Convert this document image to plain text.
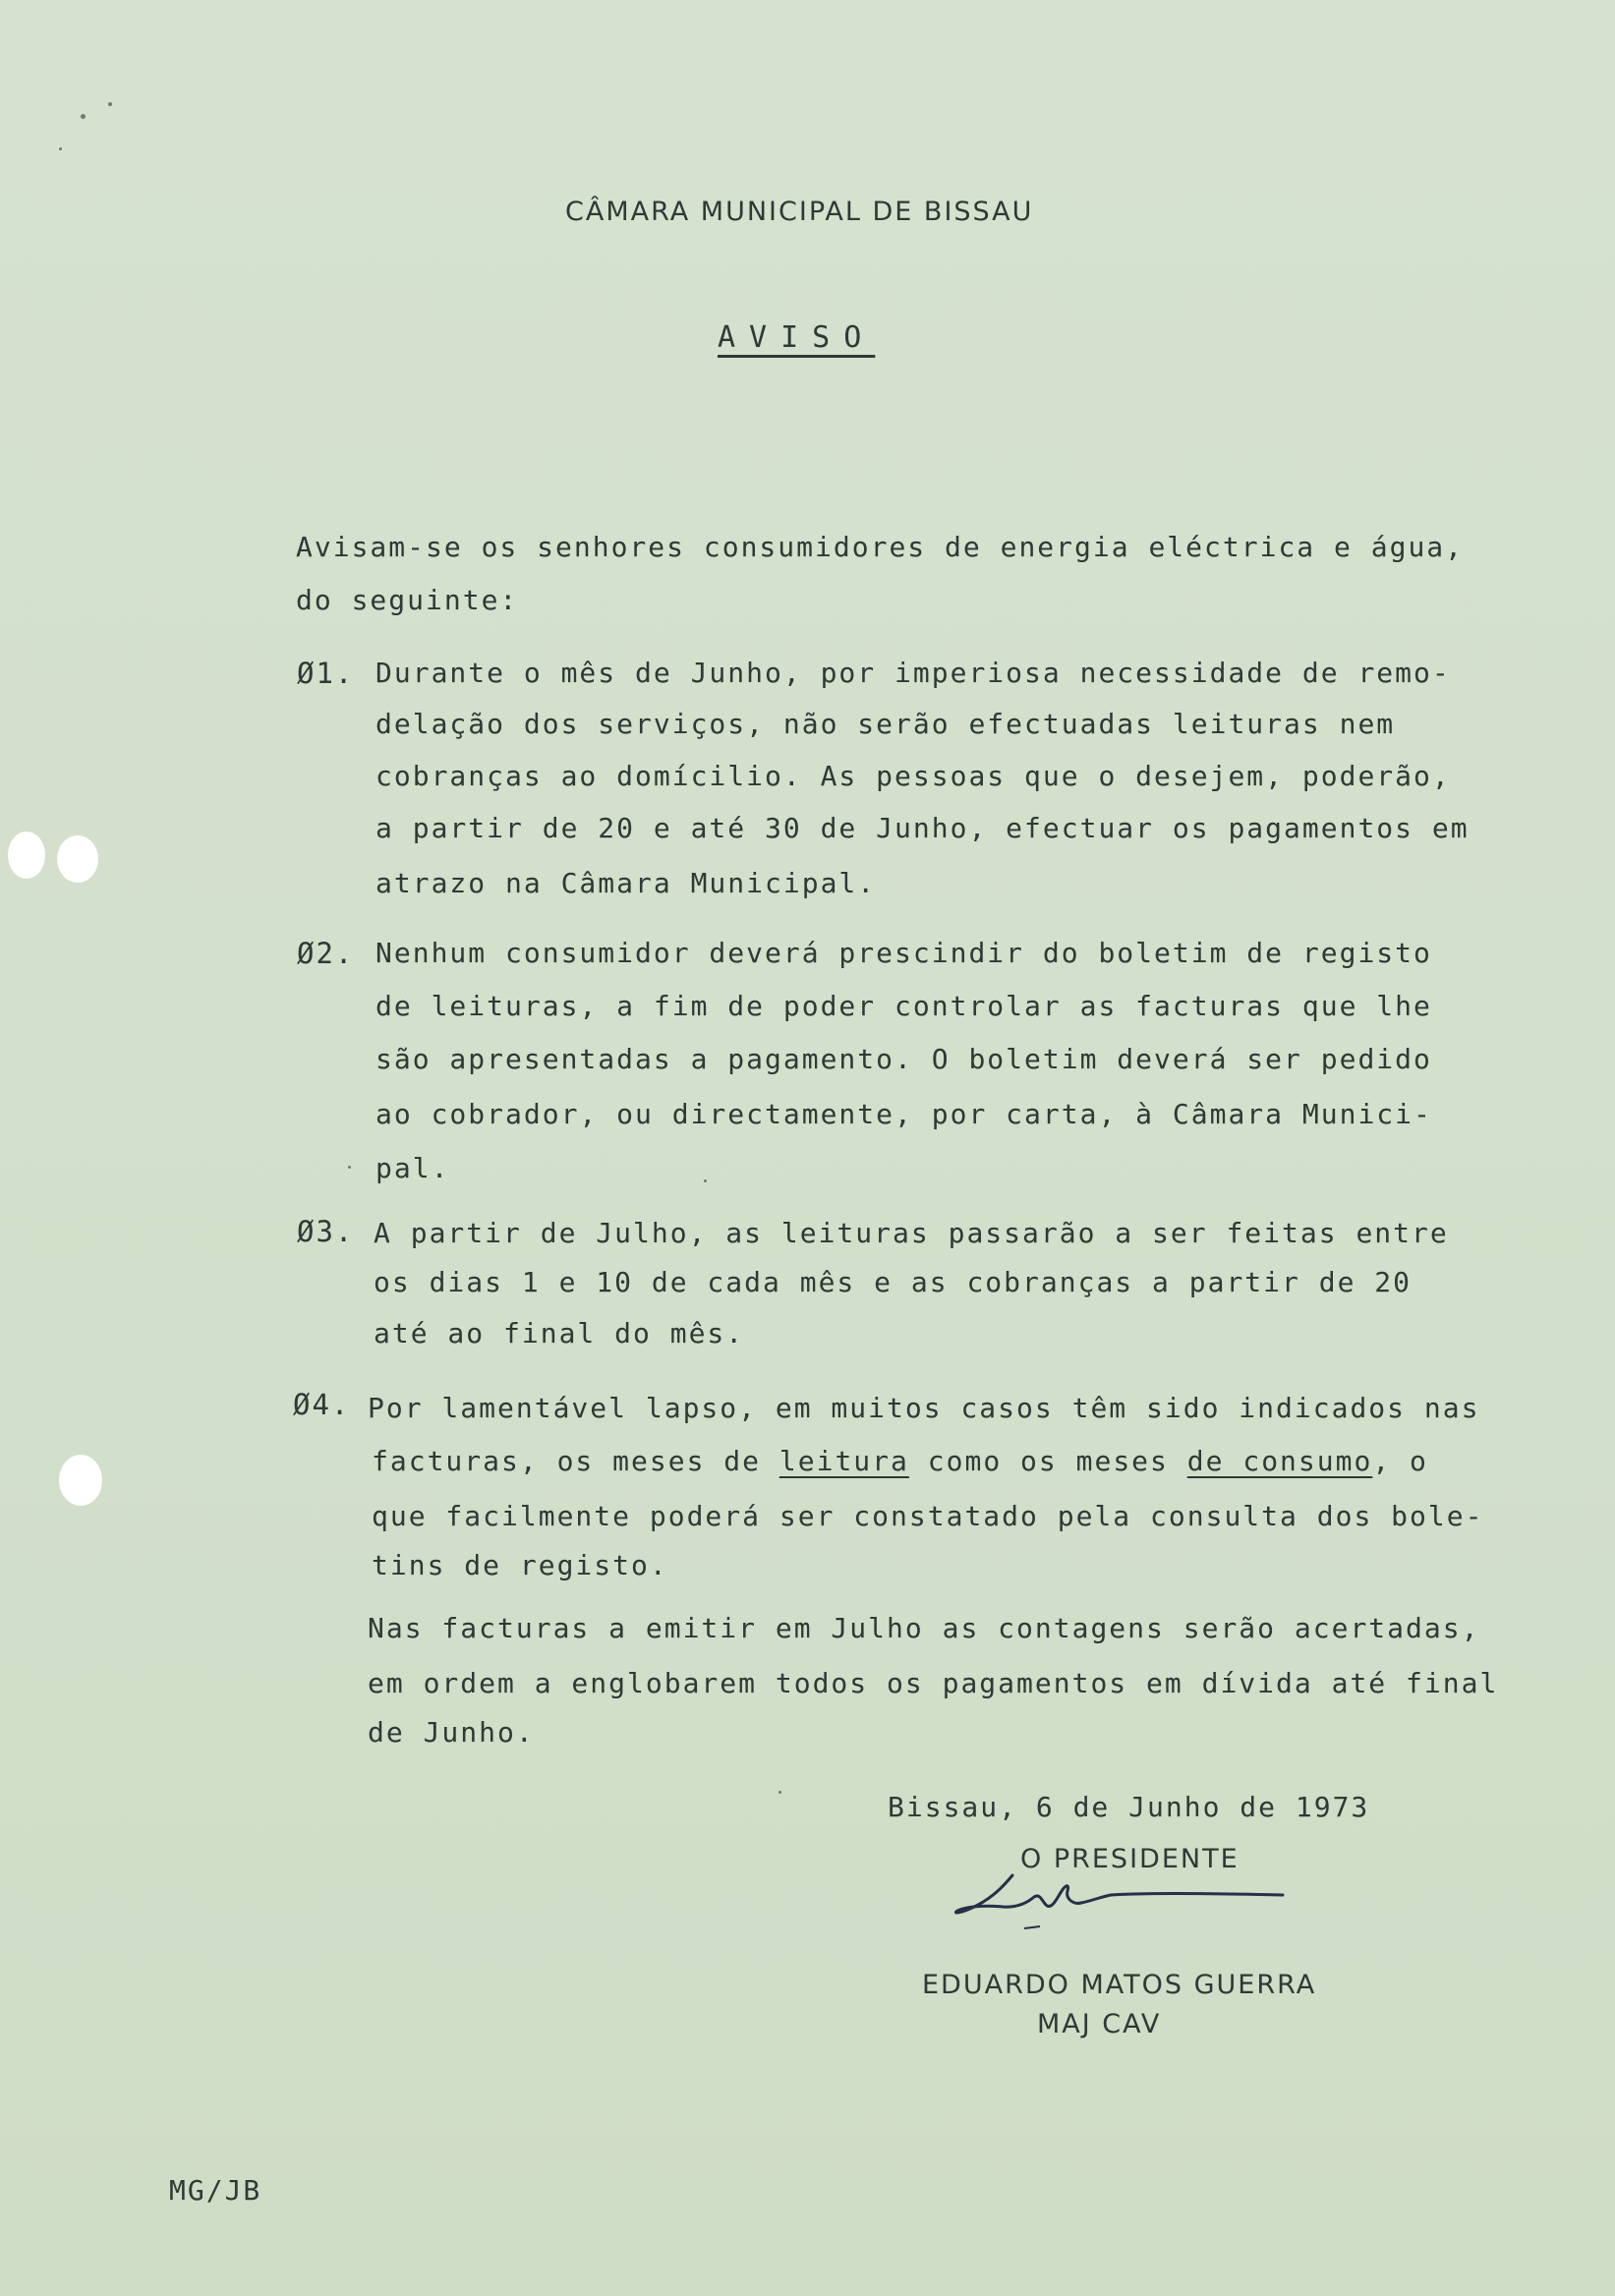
CÂMARA MUNICIPAL DE BISSAU
AVISO
Avisam-se os senhores consumidores de energia eléctrica e água,
do seguinte:
Ø1. Durante o mês de Junho, por imperiosa necessidade de remo-
delação dos serviços, não serão efectuadas leituras nem
cobranças ao domícilio. As pessoas que o desejem, poderão,
a partir de 20 e até 30 de Junho, efectuar os pagamentos em
atrazo na Câmara Municipal.
Ø2. Nenhum consumidor deverá prescindir do boletim de registo
de leituras, a fim de poder controlar as facturas que lhe
são apresentadas a pagamento. O boletim deverá ser pedido
ao cobrador, ou directamente, por carta, à Câmara Munici-
pal.
Ø3. A partir de Julho, as leituras passarão a ser feitas entre
os dias 1 e 10 de cada mês e as cobranças a partir de 20
até ao final do mês.
Ø4. Por lamentável lapso, em muitos casos têm sido indicados nas
facturas, os meses de leitura como os meses de consumo, o
que facilmente poderá ser constatado pela consulta dos bole-
tins de registo.
Nas facturas a emitir em Julho as contagens serão acertadas,
em ordem a englobarem todos os pagamentos em dívida até final
de Junho.
Bissau, 6 de Junho de 1973
O PRESIDENTE
EDUARDO MATOS GUERRA
MAJ CAV
MG/JB
